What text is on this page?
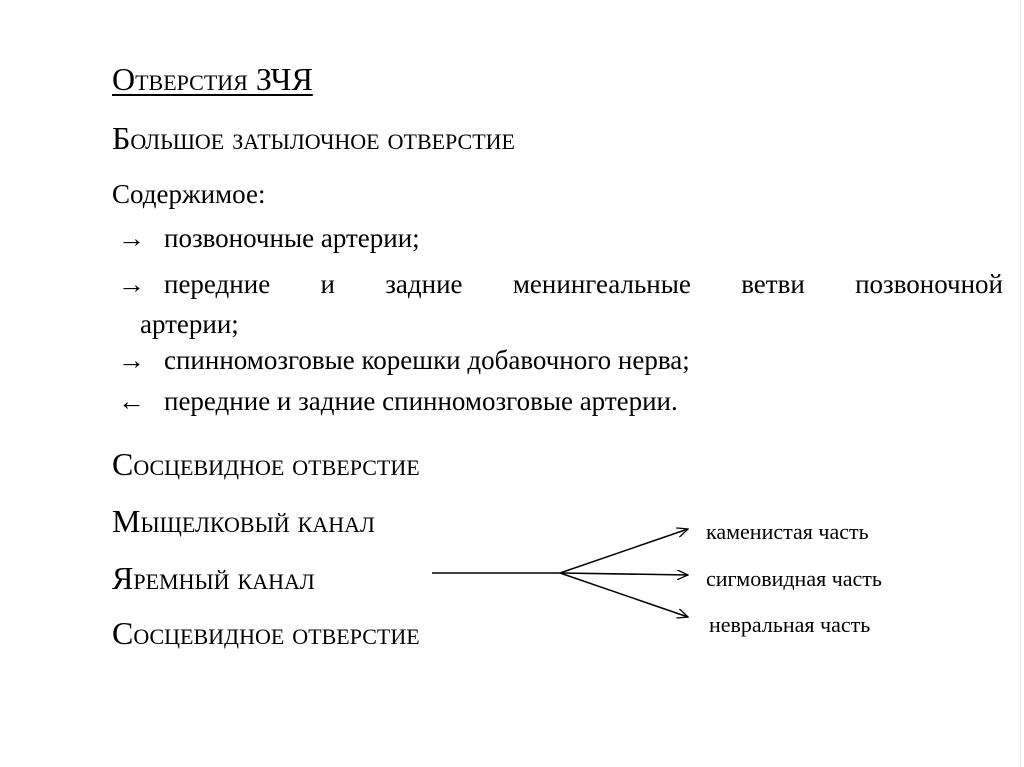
Отверстия ЗЧЯ
Большое затылочное отверстие
Содержимое:
→ позвоночные артерии;
→ передние и задние менингеальные ветви позвоночной
артерии;
→ спинномозговые корешки добавочного нерва;
← передние и задние спинномозговые артерии.
Сосцевидное отверстие
Мыщелковый канал
Яремный канал
Сосцевидное отверстие
каменистая часть
сигмовидная часть
невральная часть
